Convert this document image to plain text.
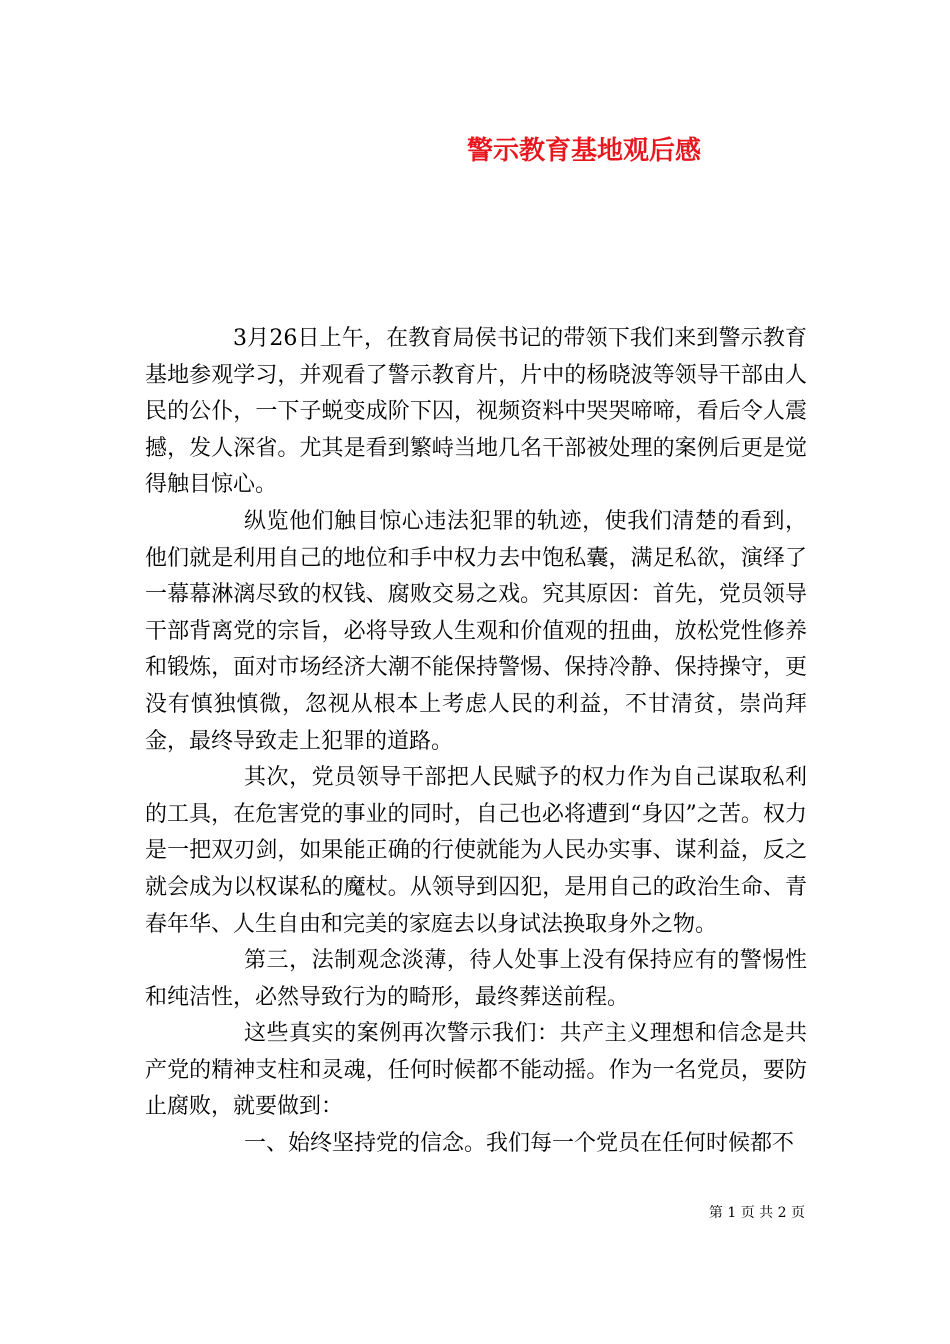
警示教育基地观后感

3月26日上午，在教育局侯书记的带领下我们来到警示教育基地参观学习，并观看了警示教育片，片中的杨晓波等领导干部由人民的公仆，一下子蜕变成阶下囚，视频资料中哭哭啼啼，看后令人震撼，发人深省。尤其是看到繁峙当地几名干部被处理的案例后更是觉得触目惊心。

纵览他们触目惊心违法犯罪的轨迹，使我们清楚的看到，他们就是利用自己的地位和手中权力去中饱私囊，满足私欲，演绎了一幕幕淋漓尽致的权钱、腐败交易之戏。究其原因：首先，党员领导干部背离党的宗旨，必将导致人生观和价值观的扭曲，放松党性修养和锻炼，面对市场经济大潮不能保持警惕、保持冷静、保持操守，更没有慎独慎微，忽视从根本上考虑人民的利益，不甘清贫，崇尚拜金，最终导致走上犯罪的道路。

其次，党员领导干部把人民赋予的权力作为自己谋取私利的工具，在危害党的事业的同时，自己也必将遭到“身囚”之苦。权力是一把双刃剑，如果能正确的行使就能为人民办实事、谋利益，反之就会成为以权谋私的魔杖。从领导到囚犯，是用自己的政治生命、青春年华、人生自由和完美的家庭去以身试法换取身外之物。

第三，法制观念淡薄，待人处事上没有保持应有的警惕性和纯洁性，必然导致行为的畸形，最终葬送前程。

这些真实的案例再次警示我们：共产主义理想和信念是共产党的精神支柱和灵魂，任何时候都不能动摇。作为一名党员，要防止腐败，就要做到：

一、始终坚持党的信念。我们每一个党员在任何时候都不

第 1 页 共 2 页
